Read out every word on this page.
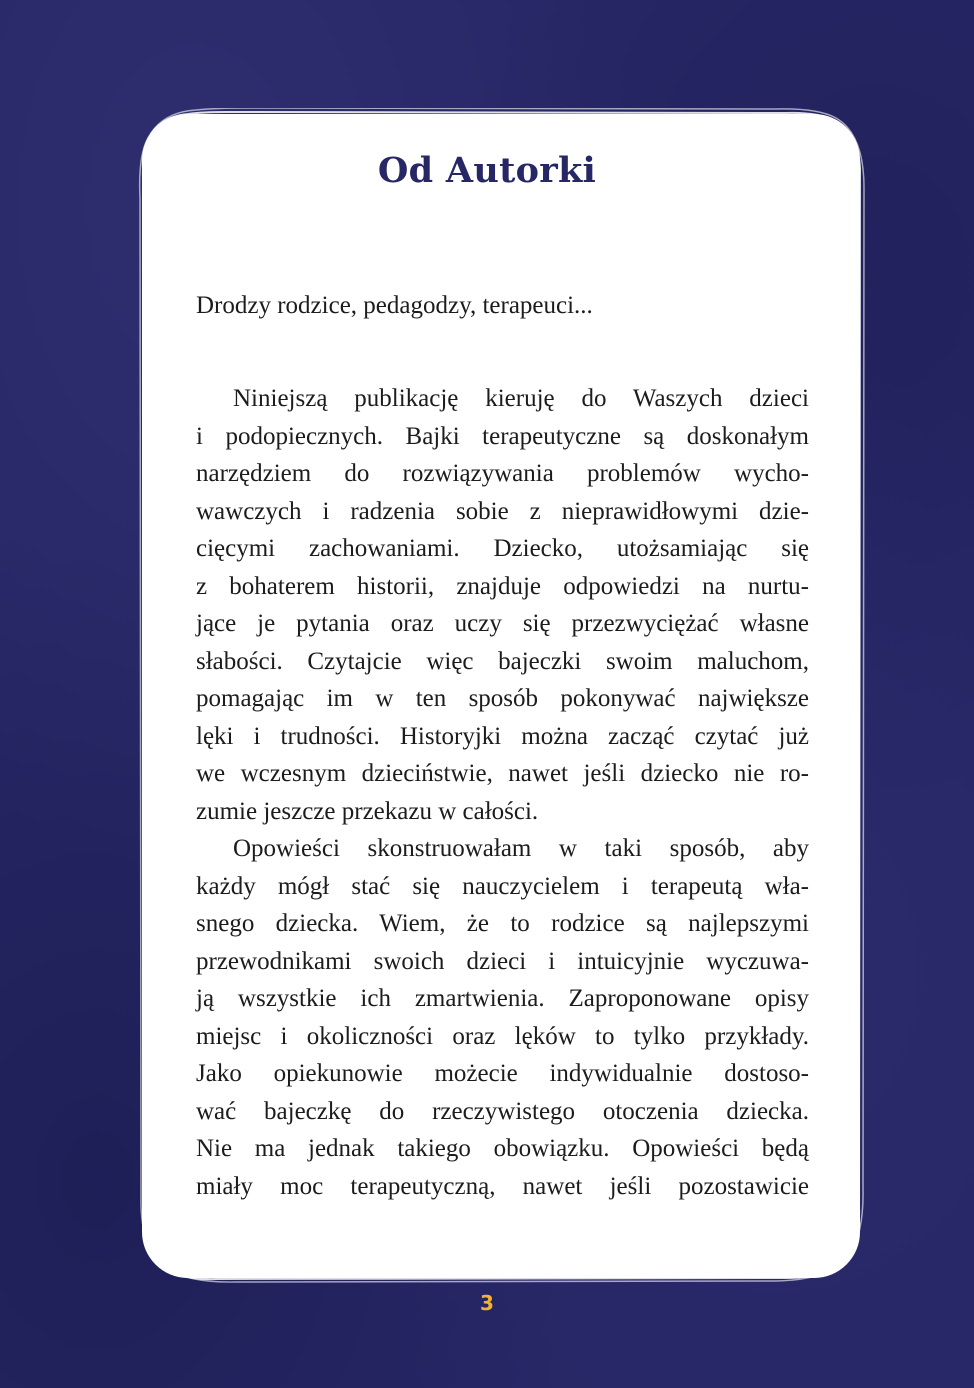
Od Autorki

Drodzy rodzice, pedagodzy, terapeuci...

Niniejszą publikację kieruję do Waszych dzieci
i podopiecznych. Bajki terapeutyczne są doskonałym
narzędziem do rozwiązywania problemów wycho-
wawczych i radzenia sobie z nieprawidłowymi dzie-
cięcymi zachowaniami. Dziecko, utożsamiając się
z bohaterem historii, znajduje odpowiedzi na nurtu-
jące je pytania oraz uczy się przezwyciężać własne
słabości. Czytajcie więc bajeczki swoim maluchom,
pomagając im w ten sposób pokonywać największe
lęki i trudności. Historyjki można zacząć czytać już
we wczesnym dzieciństwie, nawet jeśli dziecko nie ro-
zumie jeszcze przekazu w całości.
Opowieści skonstruowałam w taki sposób, aby
każdy mógł stać się nauczycielem i terapeutą wła-
snego dziecka. Wiem, że to rodzice są najlepszymi
przewodnikami swoich dzieci i intuicyjnie wyczuwa-
ją wszystkie ich zmartwienia. Zaproponowane opisy
miejsc i okoliczności oraz lęków to tylko przykłady.
Jako opiekunowie możecie indywidualnie dostoso-
wać bajeczkę do rzeczywistego otoczenia dziecka.
Nie ma jednak takiego obowiązku. Opowieści będą
miały moc terapeutyczną, nawet jeśli pozostawicie

3
